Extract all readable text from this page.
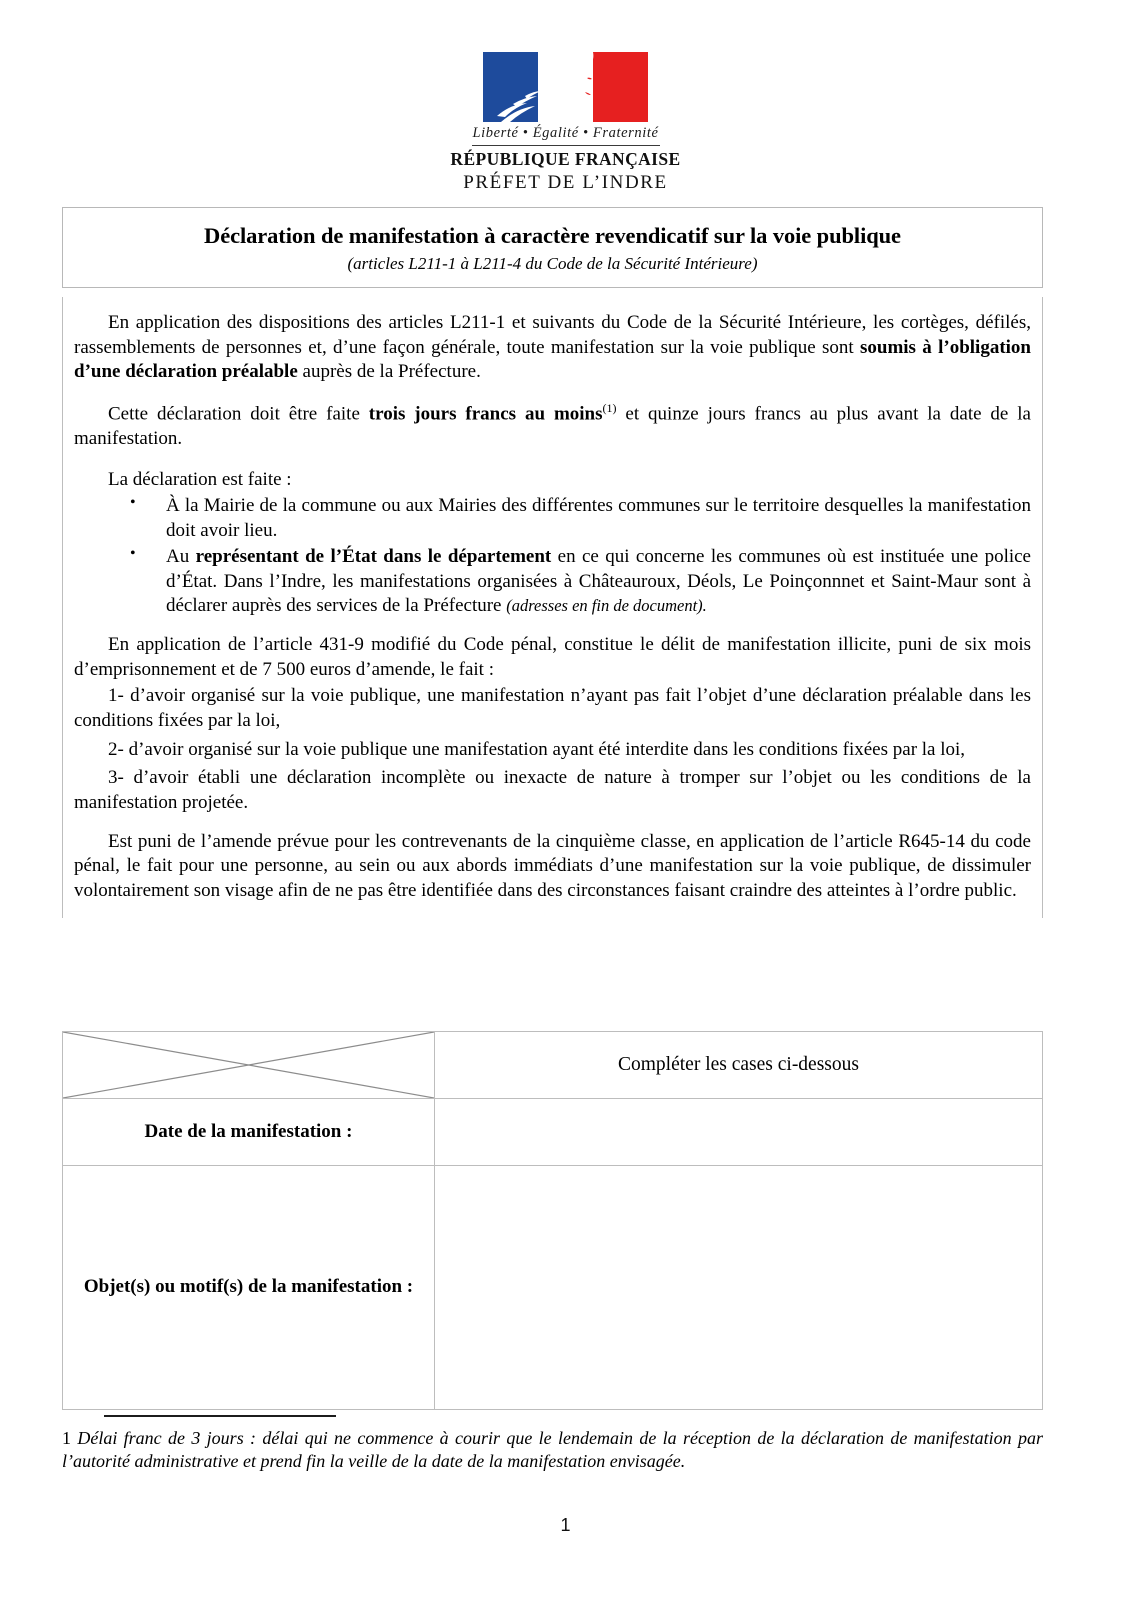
Liberté • Égalité • Fraternité
RÉPUBLIQUE FRANÇAISE
PRÉFET DE L’INDRE
Déclaration de manifestation à caractère revendicatif sur la voie publique
(articles L211-1 à L211-4 du Code de la Sécurité Intérieure)

En application des dispositions des articles L211-1 et suivants du Code de la Sécurité Intérieure, les cortèges, défilés, rassemblements de personnes et, d’une façon générale, toute manifestation sur la voie publique sont soumis à l’obligation d’une déclaration préalable auprès de la Préfecture.

Cette déclaration doit être faite trois jours francs au moins$^{(1)}$ et quinze jours francs au plus avant la date de la manifestation.

La déclaration est faite :

• À la Mairie de la commune ou aux Mairies des différentes communes sur le territoire desquelles la manifestation doit avoir lieu.
• Au représentant de l’État dans le département en ce qui concerne les communes où est instituée une police d’État. Dans l’Indre, les manifestations organisées à Châteauroux, Déols, Le Poinçonnnet et Saint-Maur sont à déclarer auprès des services de la Préfecture (adresses en fin de document).

En application de l’article 431-9 modifié du Code pénal, constitue le délit de manifestation illicite, puni de six mois d’emprisonnement et de 7 500 euros d’amende, le fait :

1- d’avoir organisé sur la voie publique, une manifestation n’ayant pas fait l’objet d’une déclaration préalable dans les conditions fixées par la loi,

2- d’avoir organisé sur la voie publique une manifestation ayant été interdite dans les conditions fixées par la loi,

3- d’avoir établi une déclaration incomplète ou inexacte de nature à tromper sur l’objet ou les conditions de la manifestation projetée.

Est puni de l’amende prévue pour les contrevenants de la cinquième classe, en application de l’article R645-14 du code pénal, le fait pour une personne, au sein ou aux abords immédiats d’une manifestation sur la voie publique, de dissimuler volontairement son visage afin de ne pas être identifiée dans des circonstances faisant craindre des atteintes à l’ordre public.

	Compléter les cases ci-dessous
Date de la manifestation :	
Objet(s) ou motif(s) de la manifestation :	

1 Délai franc de 3 jours : délai qui ne commence à courir que le lendemain de la réception de la déclaration de manifestation par l’autorité administrative et prend fin la veille de la date de la manifestation envisagée.

1
